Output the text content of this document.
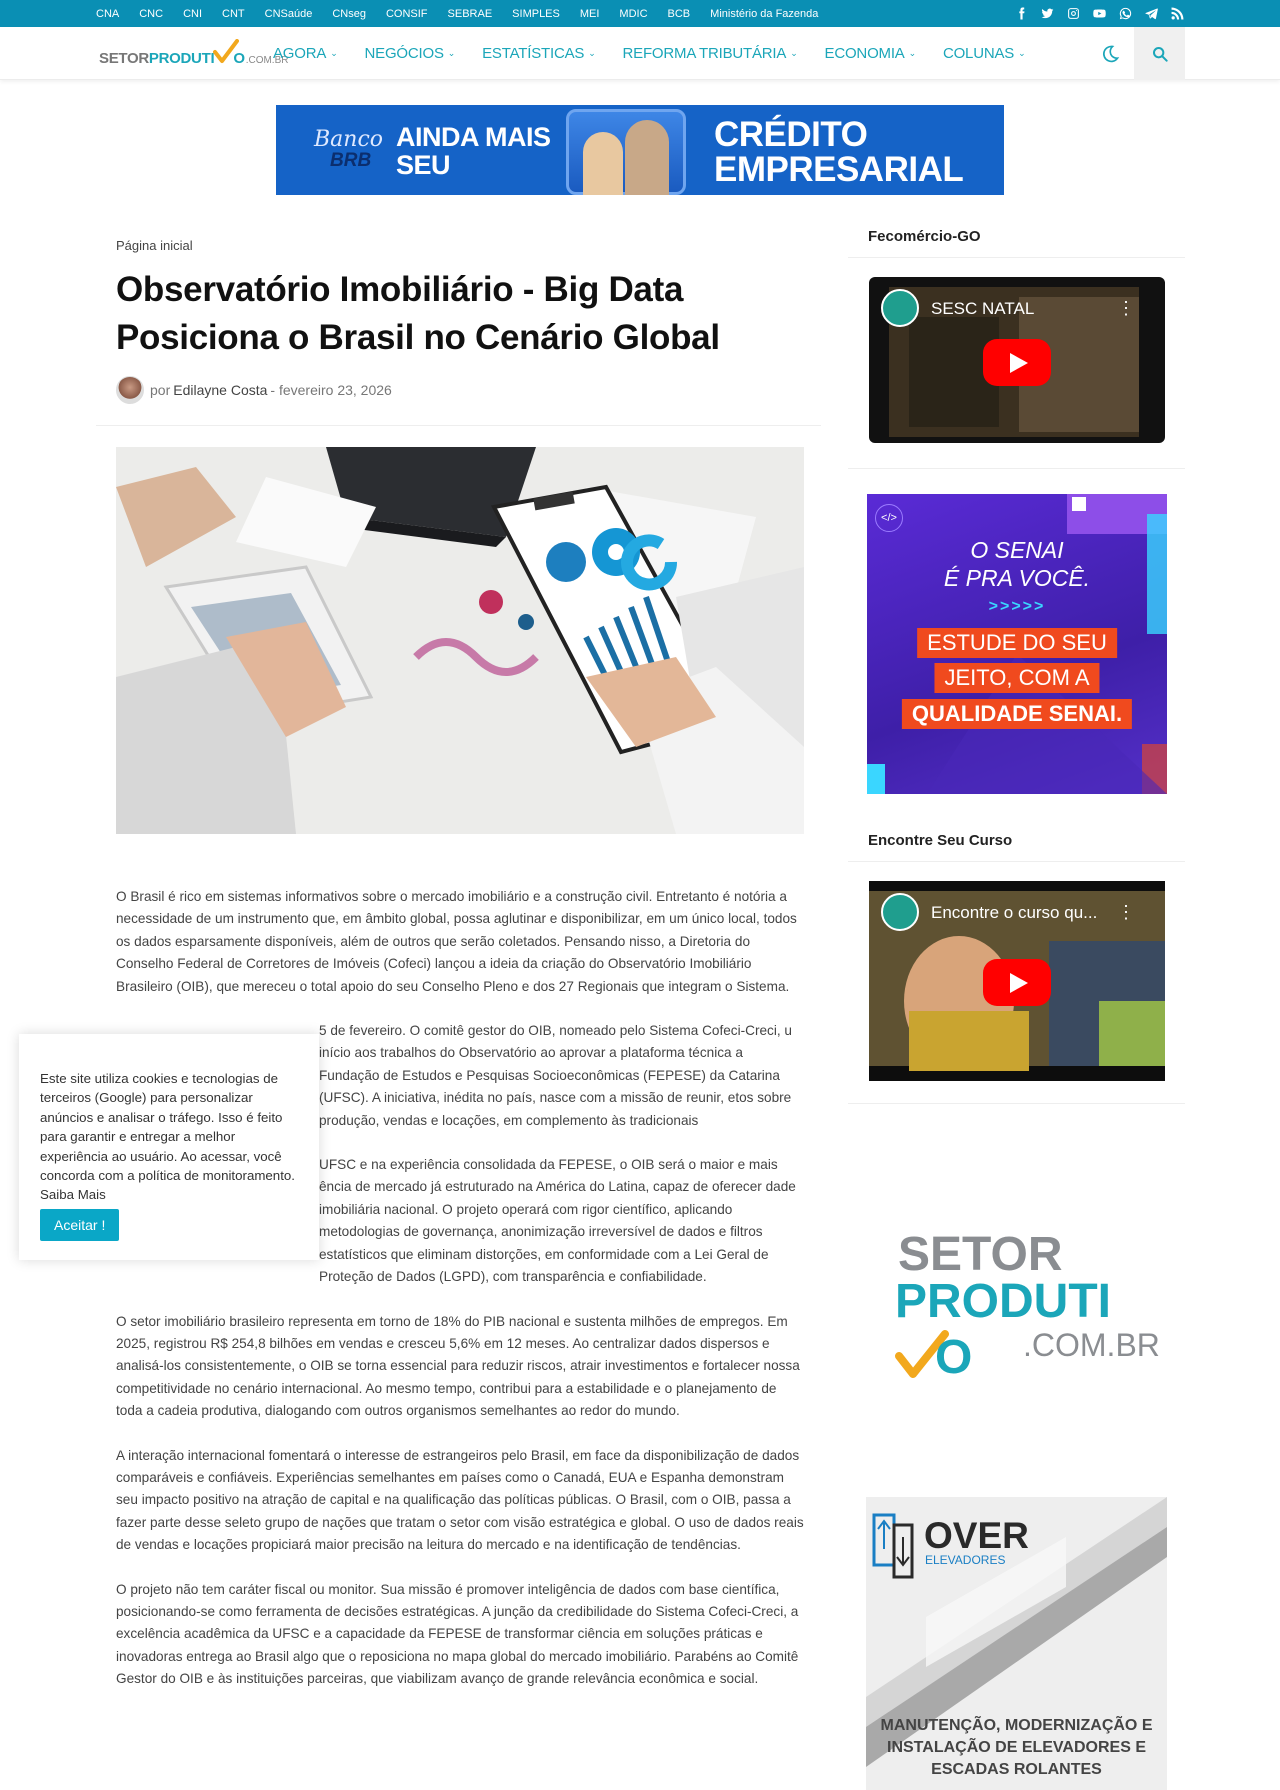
CNA CNC CNI CNT CNSaúde CNseg CONSIF SEBRAE SIMPLES MEI MDIC BCB Ministério da Fazenda
SETOR PRODUTI O .COM.BR
AGORA ⌄ NEGÓCIOS ⌄ ESTATÍSTICAS ⌄ REFORMA TRIBUTÁRIA ⌄ ECONOMIA ⌄ COLUNAS ⌄
Banco
BRB
AINDA MAIS SEU
CRÉDITO EMPRESARIAL
Página inicial
Observatório Imobiliário - Big Data Posiciona o Brasil no Cenário Global
por Edilayne Costa - fevereiro 23, 2026

O Brasil é rico em sistemas informativos sobre o mercado imobiliário e a construção civil. Entretanto é notória a necessidade de um instrumento que, em âmbito global, possa aglutinar e disponibilizar, em um único local, todos os dados esparsamente disponíveis, além de outros que serão coletados. Pensando nisso, a Diretoria do Conselho Federal de Corretores de Imóveis (Cofeci) lançou a ideia da criação do Observatório Imobiliário Brasileiro (OIB), que mereceu o total apoio do seu Conselho Pleno e dos 27 Regionais que integram o Sistema.

5 de fevereiro. O comitê gestor do OIB, nomeado pelo Sistema Cofeci-Creci, u início aos trabalhos do Observatório ao aprovar a plataforma técnica a Fundação de Estudos e Pesquisas Socioeconômicas (FEPESE) da Catarina (UFSC). A iniciativa, inédita no país, nasce com a missão de reunir, etos sobre produção, vendas e locações, em complemento às tradicionais

UFSC e na experiência consolidada da FEPESE, o OIB será o maior e mais ência de mercado já estruturado na América do Latina, capaz de oferecer dade imobiliária nacional. O projeto operará com rigor científico, aplicando metodologias de governança, anonimização irreversível de dados e filtros estatísticos que eliminam distorções, em conformidade com a Lei Geral de Proteção de Dados (LGPD), com transparência e confiabilidade.

O setor imobiliário brasileiro representa em torno de 18% do PIB nacional e sustenta milhões de empregos. Em 2025, registrou R$ 254,8 bilhões em vendas e cresceu 5,6% em 12 meses. Ao centralizar dados dispersos e analisá-los consistentemente, o OIB se torna essencial para reduzir riscos, atrair investimentos e fortalecer nossa competitividade no cenário internacional. Ao mesmo tempo, contribui para a estabilidade e o planejamento de toda a cadeia produtiva, dialogando com outros organismos semelhantes ao redor do mundo.

A interação internacional fomentará o interesse de estrangeiros pelo Brasil, em face da disponibilização de dados comparáveis e confiáveis. Experiências semelhantes em países como o Canadá, EUA e Espanha demonstram seu impacto positivo na atração de capital e na qualificação das políticas públicas. O Brasil, com o OIB, passa a fazer parte desse seleto grupo de nações que tratam o setor com visão estratégica e global. O uso de dados reais de vendas e locações propiciará maior precisão na leitura do mercado e na identificação de tendências.

O projeto não tem caráter fiscal ou monitor. Sua missão é promover inteligência de dados com base científica, posicionando-se como ferramenta de decisões estratégicas. A junção da credibilidade do Sistema Cofeci-Creci, a excelência acadêmica da UFSC e a capacidade da FEPESE de transformar ciência em soluções práticas e inovadoras entrega ao Brasil algo que o reposiciona no mapa global do mercado imobiliário. Parabéns ao Comitê Gestor do OIB e às instituições parceiras, que viabilizam avanço de grande relevância econômica e social.

Este site utiliza cookies e tecnologias de terceiros (Google) para personalizar anúncios e analisar o tráfego. Isso é feito para garantir e entregar a melhor experiência ao usuário. Ao acessar, você concorda com a política de monitoramento. Saiba Mais
Aceitar !
Fecomércio-GO
SESC NATAL	⋮
</>
O SENAI
É PRA VOCÊ.
>>>>>
ESTUDE DO SEU
JEITO, COM A
QUALIDADE SENAI.
Encontre Seu Curso
Encontre o curso qu... ⋮
SETOR
PRODUTIO	.COM.BR
OVER
ELEVADORES
MANUTENÇÃO, MODERNIZAÇÃO E
INSTALAÇÃO DE ELEVADORES E
ESCADAS ROLANTES
